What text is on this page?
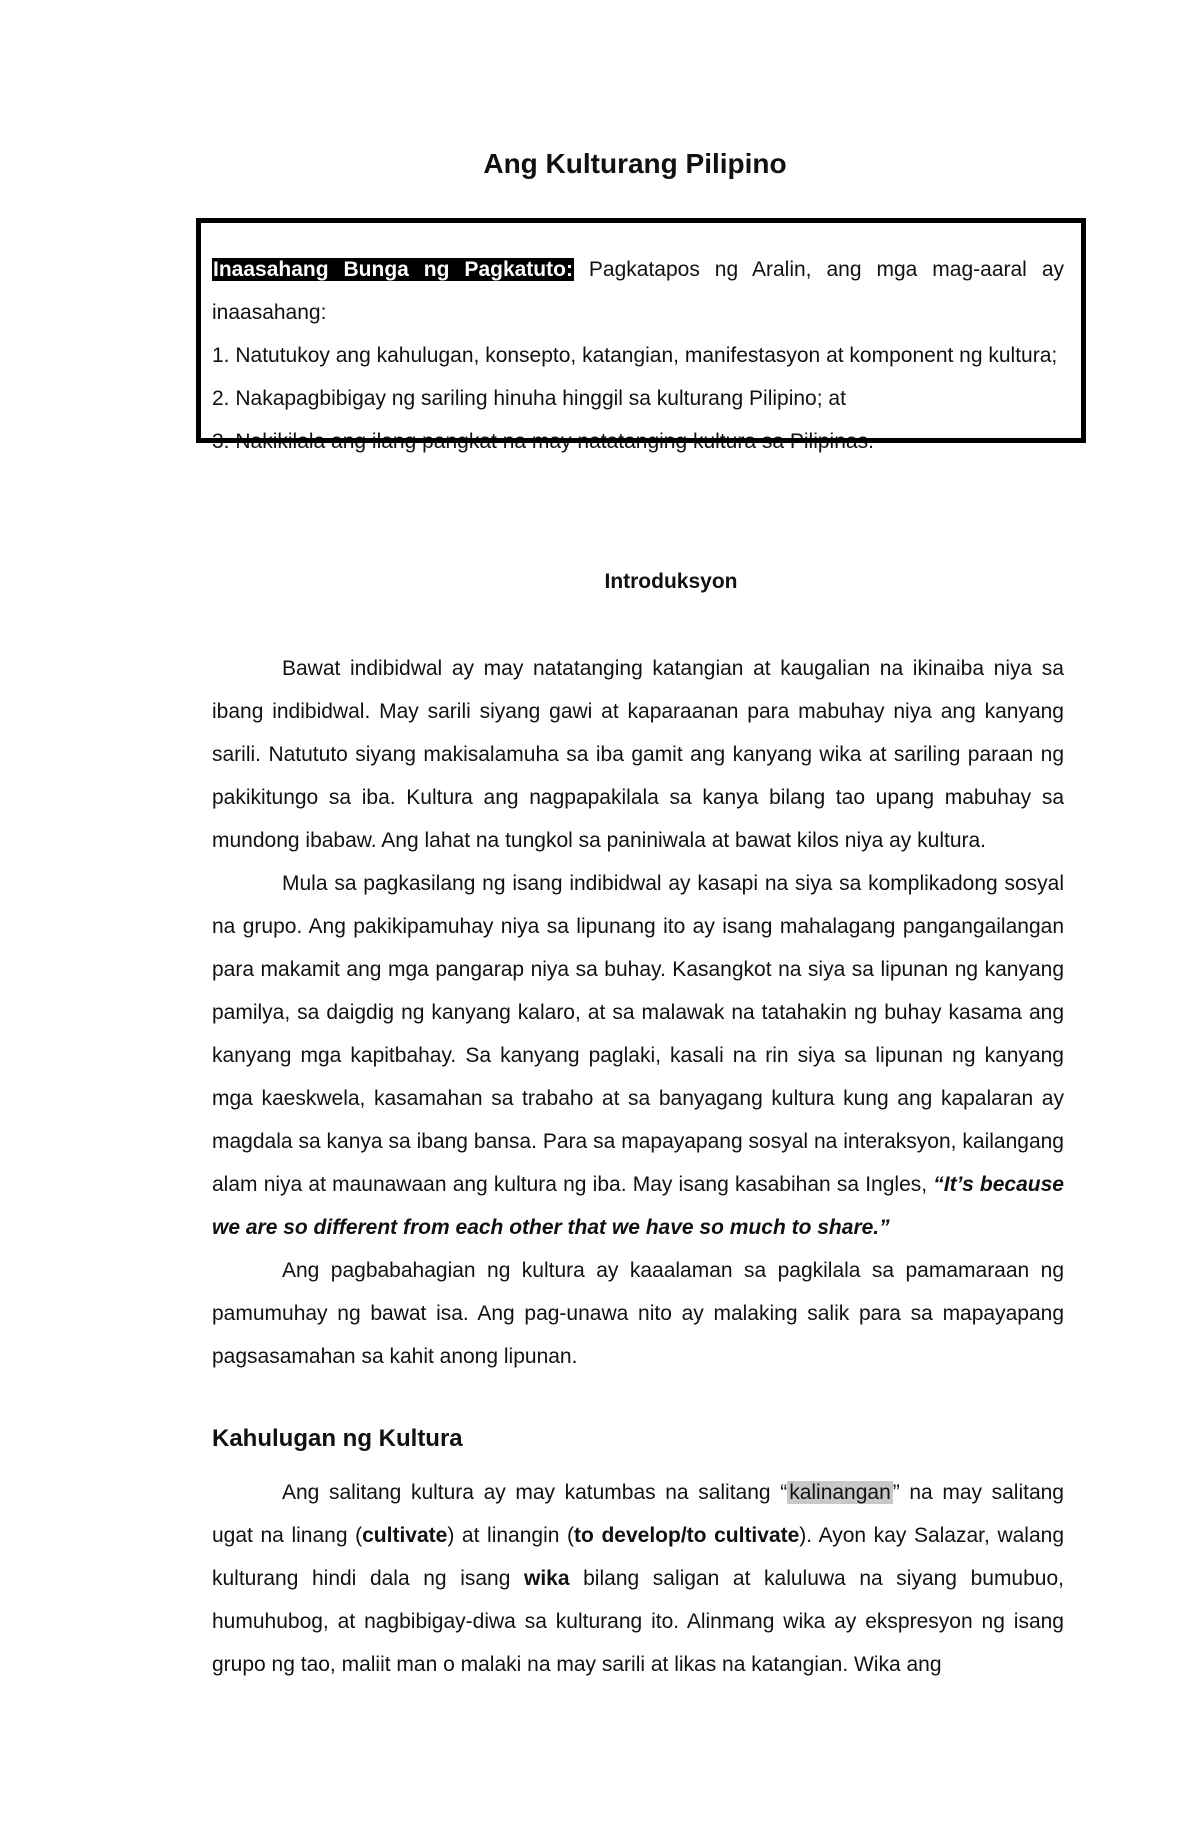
Ang Kulturang Pilipino

Inaasahang Bunga ng Pagkatuto: Pagkatapos ng Aralin, ang mga mag-aaral ay inaasahang:

1. Natutukoy ang kahulugan, konsepto, katangian, manifestasyon at komponent ng kultura;

2. Nakapagbibigay ng sariling hinuha hinggil sa kulturang Pilipino; at

3. Nakikilala ang ilang pangkat na may natatanging kultura sa Pilipinas.

Introduksyon

Bawat indibidwal ay may natatanging katangian at kaugalian na ikinaiba niya sa ibang indibidwal. May sarili siyang gawi at kaparaanan para mabuhay niya ang kanyang sarili. Natututo siyang makisalamuha sa iba gamit ang kanyang wika at sariling paraan ng pakikitungo sa iba. Kultura ang nagpapakilala sa kanya bilang tao upang mabuhay sa mundong ibabaw. Ang lahat na tungkol sa paniniwala at bawat kilos niya ay kultura.

Mula sa pagkasilang ng isang indibidwal ay kasapi na siya sa komplikadong sosyal na grupo. Ang pakikipamuhay niya sa lipunang ito ay isang mahalagang pangangailangan para makamit ang mga pangarap niya sa buhay. Kasangkot na siya sa lipunan ng kanyang pamilya, sa daigdig ng kanyang kalaro, at sa malawak na tatahakin ng buhay kasama ang kanyang mga kapitbahay. Sa kanyang paglaki, kasali na rin siya sa lipunan ng kanyang mga kaeskwela, kasamahan sa trabaho at sa banyagang kultura kung ang kapalaran ay magdala sa kanya sa ibang bansa. Para sa mapayapang sosyal na interaksyon, kailangang alam niya at maunawaan ang kultura ng iba. May isang kasabihan sa Ingles, “It’s because we are so different from each other that we have so much to share.”

Ang pagbabahagian ng kultura ay kaaalaman sa pagkilala sa pamamaraan ng pamumuhay ng bawat isa. Ang pag-unawa nito ay malaking salik para sa mapayapang pagsasamahan sa kahit anong lipunan.

Kahulugan ng Kultura

Ang salitang kultura ay may katumbas na salitang “kalinangan” na may salitang ugat na linang (cultivate) at linangin (to develop/to cultivate). Ayon kay Salazar, walang kulturang hindi dala ng isang wika bilang saligan at kaluluwa na siyang bumubuo, humuhubog, at nagbibigay-diwa sa kulturang ito. Alinmang wika ay ekspresyon ng isang grupo ng tao, maliit man o malaki na may sarili at likas na katangian. Wika ang
